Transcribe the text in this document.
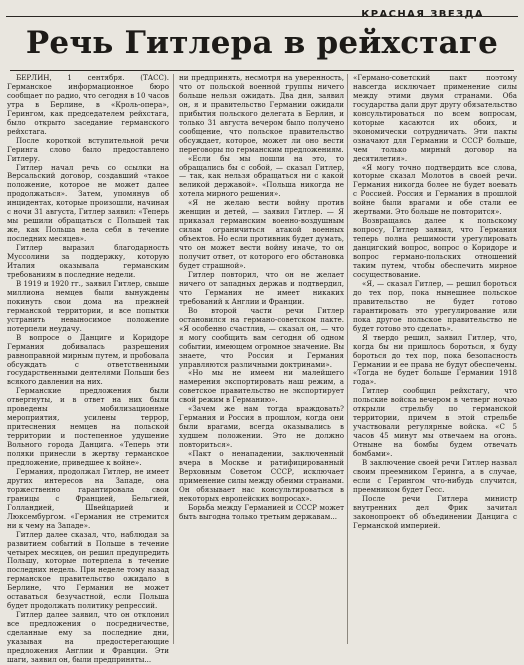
КРАСНАЯ ЗВЕЗДА
Речь Гитлера в рейхстаге

БЕРЛИН, 1 сентября. (ТАСС). Германское информационное бюро сообщает по радио, что сегодня в 10 часов утра в Берлине, в «Кроль-опера», Герингом, как председателем рейхстага, было открыто заседание германского рейхстага.

После короткой вступительной речи Геринга слово было предоставлено Гитлеру.

Гитлер начал речь со ссылки на Версальский договор, создавший «такое положение, которое не может далее продолжаться». Затем, упомянув об инцидентах, которые произошли, начиная с ночи 31 августа, Гитлер заявил: «Теперь мы решили обращаться с Польшей так же, как Польша вела себя в течение последних месяцев».

Гитлер выразил благодарность Муссолини за поддержку, которую Италия оказывала германским требованиям в последние недели.

В 1919 и 1920 гг., заявил Гитлер, свыше миллиона немцев были вынуждены покинуть свои дома на прежней германской территории, и все попытки устранить невыносимое положение потерпели неудачу.

В вопросе о Данциге и Коридоре Германия добивалась разрешения равноправной мирным путем, и пробовала обсуждать с ответственными государственными деятелями Польши без всякого давления на них.

Германские предложения были отвергнуты, и в ответ на них были проведены мобилизационные мероприятия, усилены террор, притеснения немцев на польской территории и постепенное удушение Вольного города Данцига. «Теперь эти поляки принесли в жертву германское предложение, приведшее к войне».

Германия, продолжал Гитлер, не имеет других интересов на Западе, она торжественно гарантировала свои границы с Францией, Бельгией, Голландией, Швейцарией и Люксембургом. «Германия не стремится ни к чему на Западе».

Гитлер далее сказал, что, наблюдая за развитием событий в Польше в течение четырех месяцев, он решил предупредить Польшу, которые потерпела в течение последних недель. При неделе тому назад германское правительство ожидало в Берлине, что Германия не может оставаться безучастной, если Польша будет продолжать политику репрессий.

Гитлер далее заявил, что он отклонил все предложения о посредничестве, сделанные ему за последние дни, указывая на предостерегающие предложения Англии и Франции. Эти шаги, заявил он, были предприняты...

ни предпринять, несмотря на уверенность, что от польской военной группы ничего больше нельзя ожидать. Два дня, заявил он, я и правительство Германии ожидали прибытия польского делегата в Берлин, и только 31 августа вечером было получено сообщение, что польское правительство обсуждает, которое, может ли оно вести переговоры по германским предложениям.

«Если бы мы пошли на это, то обращались бы с собой, — сказал Гитлер, — так, как нельзя обращаться ни с какой великой державой». «Польша никогда не хотела мирного решения».

«Я не желаю вести войну против женщин и детей, — заявил Гитлер. — Я приказал германским военно-воздушным силам ограничиться атакой военных объектов. Но если противник будет думать, что он может вести войну иначе, то он получит ответ, от которого его обстановка будет страшной».

Гитлер повторил, что он не желает ничего от западных держав и подтвердил, что Германия не имеет никаких требований к Англии и Франции.

Во второй части речи Гитлер остановился на германо-советском пакте. «Я особенно счастлив, — сказал он, — что я могу сообщить вам сегодня об одном событии, имеющем огромное значение. Вы знаете, что Россия и Германия управляются различными доктринами».

«Но мы не имеем ни малейшего намерения экспортировать наш режим, а советское правительство не экспортирует свой режим в Германию».

«Зачем же нам тогда враждовать? Германия и Россия в прошлом, когда они были врагами, всегда оказывались в худшем положении. Это не должно повториться».

«Пакт о ненападении, заключенный вчера в Москве и ратифицированный Верховным Советом СССР, исключает применение силы между обеими странами. Он обязывает нас консультироваться в некоторых европейских вопросах».

Борьба между Германией и СССР может быть выгодна только третьим державам...

«Германо-советский пакт поэтому навсегда исключает применение силы между этими двумя странами. Оба государства дали друг другу обязательство консультироваться по всем вопросам, которые касаются их обоих, и экономически сотрудничать. Эти пакты означают для Германии и СССР больше, чем только мирный договор на десятилетия».

«Я могу точно подтвердить все слова, которые сказал Молотов в своей речи. Германия никогда более не будет воевать с Россией. Россия и Германия в прошлой войне были врагами и обе стали ее жертвами. Это больше не повторится».

Возвращаясь далее к польскому вопросу, Гитлер заявил, что Германия теперь полна решимости урегулировать данцигский вопрос, вопрос о Коридоре и вопрос германо-польских отношений таким путем, чтобы обеспечить мирное сосуществование.

«Я, — сказал Гитлер, — решил бороться до тех пор, пока нынешнее польское правительство не будет готово гарантировать это урегулирование или пока другое польское правительство не будет готово это сделать».

Я твердо решил, заявил Гитлер, что, когда бы ни пришлось бороться, я буду бороться до тех пор, пока безопасность Германии и ее права не будут обеспечены. «Тогда не будет больше Германии 1918 года».

Гитлер сообщил рейхстагу, что польские войска вечером в четверг ночью открыли стрельбу по германской территории, причем в этой стрельбе участвовали регулярные войска. «С 5 часов 45 минут мы отвечаем на огонь. Отныне на бомбы будем отвечать бомбами».

В заключение своей речи Гитлер назвал своим преемником Геринга, а в случае, если с Герингом что-нибудь случится, преемником будет Гесс.

После речи Гитлера министр внутренних дел Фрик зачитал законопроект об объединении Данцига с Германской империей.
